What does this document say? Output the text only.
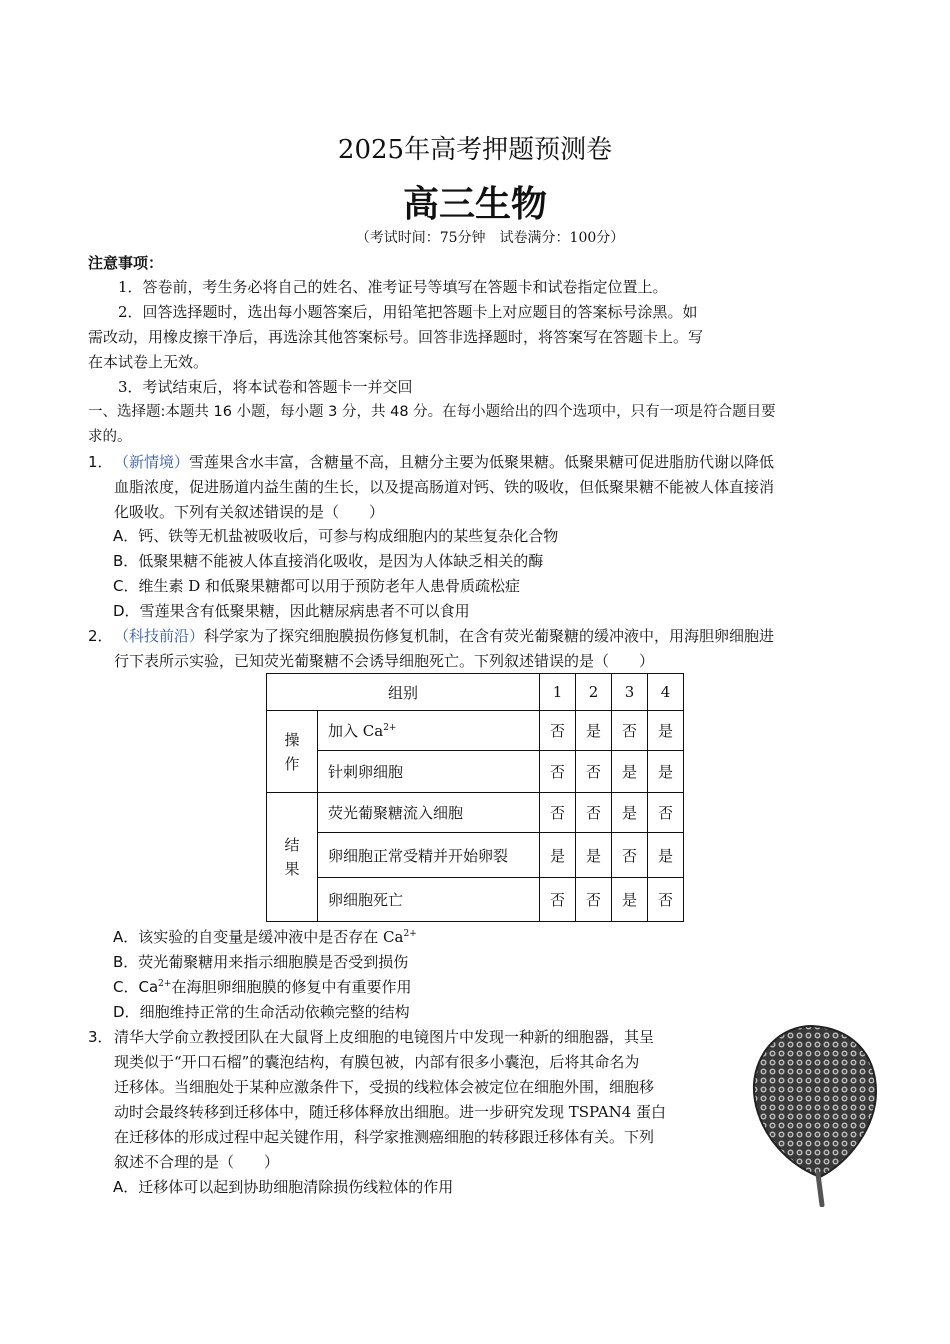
2025年高考押题预测卷
高三生物
（考试时间：75分钟　试卷满分：100分）
注意事项：
1．答卷前，考生务必将自己的姓名、准考证号等填写在答题卡和试卷指定位置上。
2．回答选择题时，选出每小题答案后，用铅笔把答题卡上对应题目的答案标号涂黑。如
需改动，用橡皮擦干净后，再选涂其他答案标号。回答非选择题时，将答案写在答题卡上。写
在本试卷上无效。
3．考试结束后，将本试卷和答题卡一并交回
一、选择题:本题共 16 小题，每小题 3 分，共 48 分。在每小题给出的四个选项中，只有一项是符合题目要
求的。
1． （新情境）雪莲果含水丰富，含糖量不高，且糖分主要为低聚果糖。低聚果糖可促进脂肪代谢以降低
血脂浓度，促进肠道内益生菌的生长，以及提高肠道对钙、铁的吸收，但低聚果糖不能被人体直接消
化吸收。下列有关叙述错误的是（　　）
A．钙、铁等无机盐被吸收后，可参与构成细胞内的某些复杂化合物
B．低聚果糖不能被人体直接消化吸收，是因为人体缺乏相关的酶
C．维生素 D 和低聚果糖都可以用于预防老年人患骨质疏松症
D．雪莲果含有低聚果糖，因此糖尿病患者不可以食用
2． （科技前沿）科学家为了探究细胞膜损伤修复机制，在含有荧光葡聚糖的缓冲液中，用海胆卵细胞进
行下表所示实验，已知荧光葡聚糖不会诱导细胞死亡。下列叙述错误的是（　　）
组别		1	2	3	4
操
作	加入 $Ca^{2+}$	否	是	否	是
	针刺卵细胞	否	否	是	是
结
果	荧光葡聚糖流入细胞	否	否	是	否
	卵细胞正常受精并开始卵裂	是	是	否	是
	卵细胞死亡	否	否	是	否
A．该实验的自变量是缓冲液中是否存在 $Ca^{2+}$
B．荧光葡聚糖用来指示细胞膜是否受到损伤
C．$Ca^{2+}$在海胆卵细胞膜的修复中有重要作用
D．细胞维持正常的生命活动依赖完整的结构
3． 清华大学俞立教授团队在大鼠肾上皮细胞的电镜图片中发现一种新的细胞器，其呈
现类似于“开口石榴”的囊泡结构，有膜包被，内部有很多小囊泡，后将其命名为
迁移体。当细胞处于某种应激条件下，受损的线粒体会被定位在细胞外围，细胞移
动时会最终转移到迁移体中，随迁移体释放出细胞。进一步研究发现 TSPAN4 蛋白
在迁移体的形成过程中起关键作用，科学家推测癌细胞的转移跟迁移体有关。下列
叙述不合理的是（　　）
A．迁移体可以起到协助细胞清除损伤线粒体的作用
